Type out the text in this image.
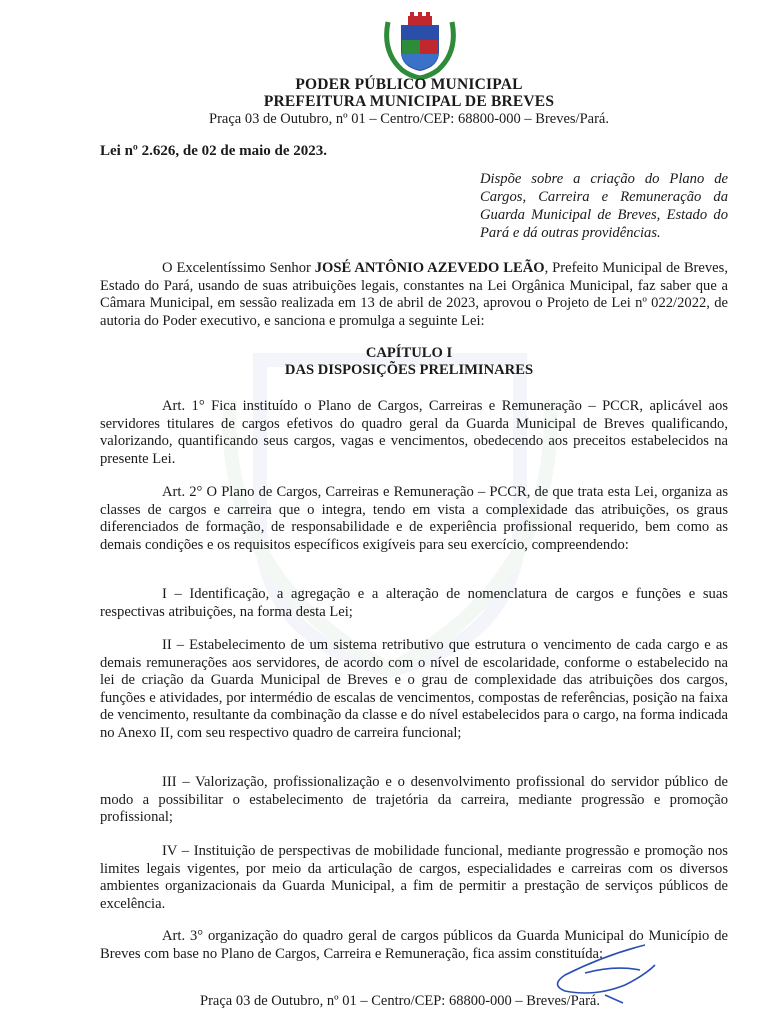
PODER PÚBLICO MUNICIPAL

PREFEITURA MUNICIPAL DE BREVES

Praça 03 de Outubro, nº 01 – Centro/CEP: 68800-000 – Breves/Pará.

Lei nº 2.626, de 02 de maio de 2023.

Dispõe sobre a criação do Plano de Cargos, Carreira e Remuneração da Guarda Municipal de Breves, Estado do Pará e dá outras providências.

O Excelentíssimo Senhor JOSÉ ANTÔNIO AZEVEDO LEÃO, Prefeito Municipal de Breves, Estado do Pará, usando de suas atribuições legais, constantes na Lei Orgânica Municipal, faz saber que a Câmara Municipal, em sessão realizada em 13 de abril de 2023, aprovou o Projeto de Lei nº 022/2022, de autoria do Poder executivo, e sanciona e promulga a seguinte Lei:

CAPÍTULO I

DAS DISPOSIÇÕES PRELIMINARES

Art. 1° Fica instituído o Plano de Cargos, Carreiras e Remuneração – PCCR, aplicável aos servidores titulares de cargos efetivos do quadro geral da Guarda Municipal de Breves qualificando, valorizando, quantificando seus cargos, vagas e vencimentos, obedecendo aos preceitos estabelecidos na presente Lei.

Art. 2° O Plano de Cargos, Carreiras e Remuneração – PCCR, de que trata esta Lei, organiza as classes de cargos e carreira que o integra, tendo em vista a complexidade das atribuições, os graus diferenciados de formação, de responsabilidade e de experiência profissional requerido, bem como as demais condições e os requisitos específicos exigíveis para seu exercício, compreendendo:

I – Identificação, a agregação e a alteração de nomenclatura de cargos e funções e suas respectivas atribuições, na forma desta Lei;

II – Estabelecimento de um sistema retributivo que estrutura o vencimento de cada cargo e as demais remunerações aos servidores, de acordo com o nível de escolaridade, conforme o estabelecido na lei de criação da Guarda Municipal de Breves e o grau de complexidade das atribuições dos cargos, funções e atividades, por intermédio de escalas de vencimentos, compostas de referências, posição na faixa de vencimento, resultante da combinação da classe e do nível estabelecidos para o cargo, na forma indicada no Anexo II, com seu respectivo quadro de carreira funcional;

III – Valorização, profissionalização e o desenvolvimento profissional do servidor público de modo a possibilitar o estabelecimento de trajetória da carreira, mediante progressão e promoção profissional;

IV – Instituição de perspectivas de mobilidade funcional, mediante progressão e promoção nos limites legais vigentes, por meio da articulação de cargos, especialidades e carreiras com os diversos ambientes organizacionais da Guarda Municipal, a fim de permitir a prestação de serviços públicos de excelência.

Art. 3° organização do quadro geral de cargos públicos da Guarda Municipal do Município de Breves com base no Plano de Cargos, Carreira e Remuneração, fica assim constituída:

Praça 03 de Outubro, nº 01 – Centro/CEP: 68800-000 – Breves/Pará.
